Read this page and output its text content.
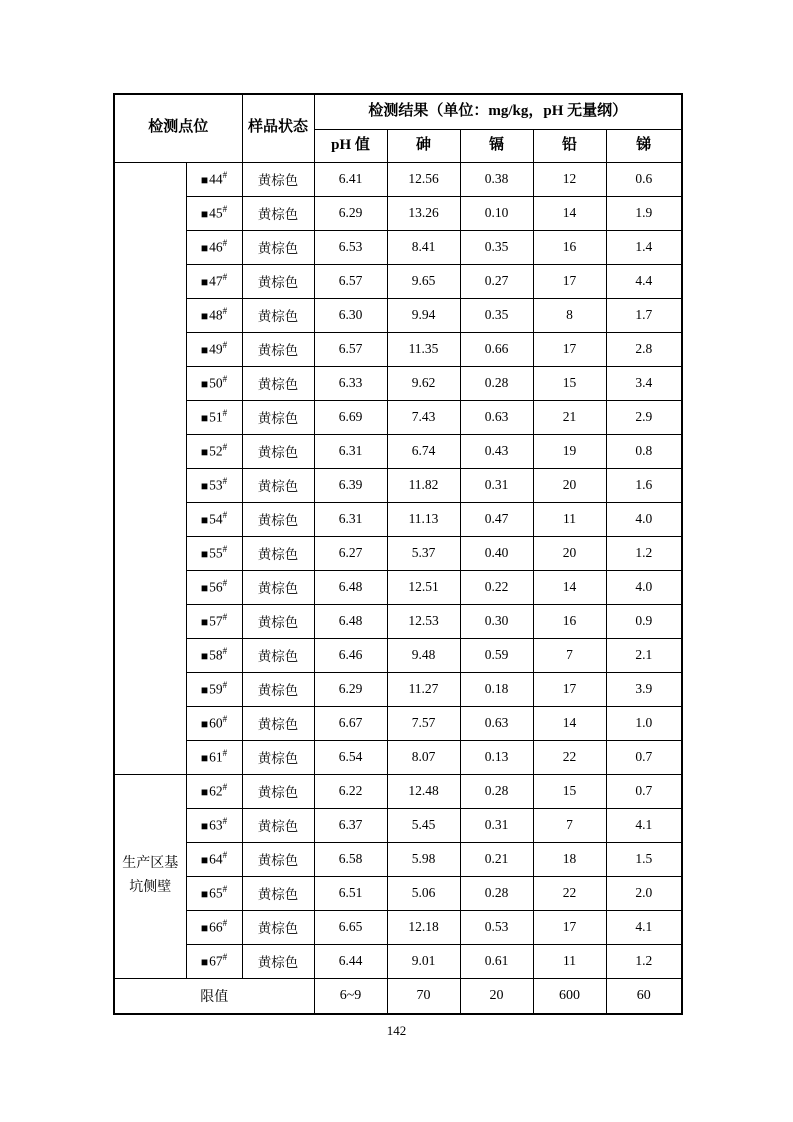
检测点位		样品状态	检测结果（单位：mg/kg，pH 无量纲）				
			pH 值	砷	镉	铅	锑
	■44#	黄棕色	6.41	12.56	0.38	12	0.6
	■45#	黄棕色	6.29	13.26	0.10	14	1.9
	■46#	黄棕色	6.53	8.41	0.35	16	1.4
	■47#	黄棕色	6.57	9.65	0.27	17	4.4
	■48#	黄棕色	6.30	9.94	0.35	8	1.7
	■49#	黄棕色	6.57	11.35	0.66	17	2.8
	■50#	黄棕色	6.33	9.62	0.28	15	3.4
	■51#	黄棕色	6.69	7.43	0.63	21	2.9
	■52#	黄棕色	6.31	6.74	0.43	19	0.8
	■53#	黄棕色	6.39	11.82	0.31	20	1.6
	■54#	黄棕色	6.31	11.13	0.47	11	4.0
	■55#	黄棕色	6.27	5.37	0.40	20	1.2
	■56#	黄棕色	6.48	12.51	0.22	14	4.0
	■57#	黄棕色	6.48	12.53	0.30	16	0.9
	■58#	黄棕色	6.46	9.48	0.59	7	2.1
	■59#	黄棕色	6.29	11.27	0.18	17	3.9
	■60#	黄棕色	6.67	7.57	0.63	14	1.0
	■61#	黄棕色	6.54	8.07	0.13	22	0.7
生产区基坑侧壁	■62#	黄棕色	6.22	12.48	0.28	15	0.7
	■63#	黄棕色	6.37	5.45	0.31	7	4.1
	■64#	黄棕色	6.58	5.98	0.21	18	1.5
	■65#	黄棕色	6.51	5.06	0.28	22	2.0
	■66#	黄棕色	6.65	12.18	0.53	17	4.1
	■67#	黄棕色	6.44	9.01	0.61	11	1.2
限值			6~9	70	20	600	60
142
